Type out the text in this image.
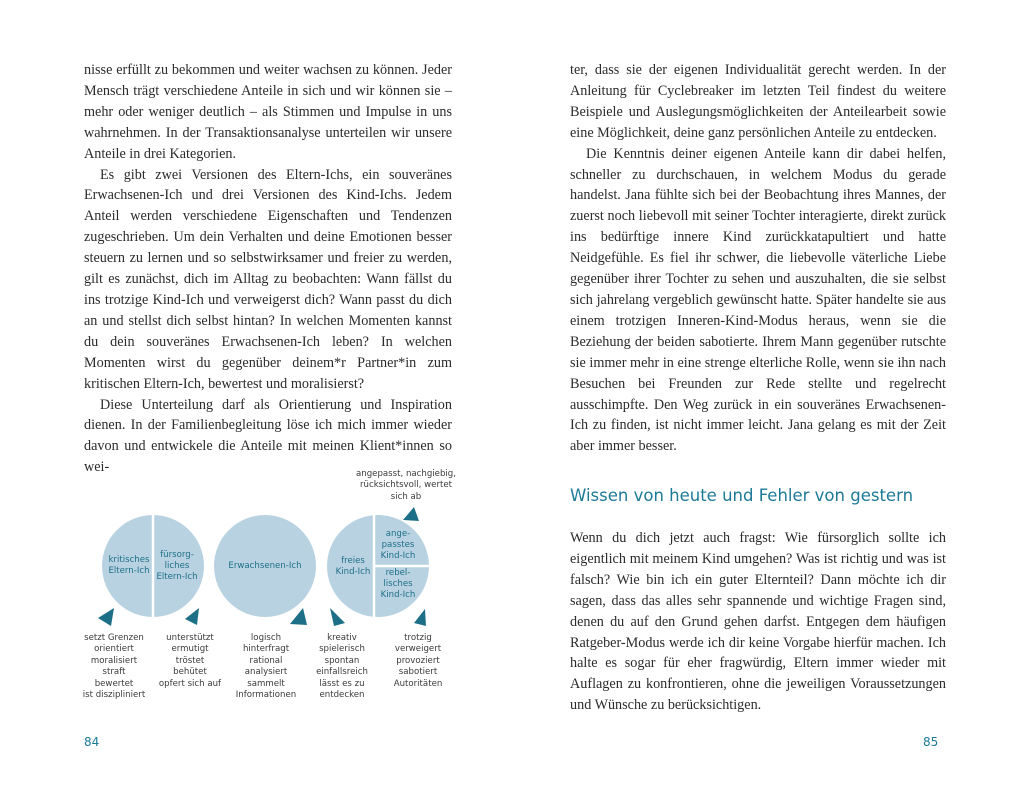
nisse erfüllt zu bekommen und weiter wachsen zu können. Jeder Mensch trägt verschiedene Anteile in sich und wir können sie – mehr oder weniger deutlich – als Stimmen und Impulse in uns wahrnehmen. In der Transaktionsanalyse unterteilen wir unsere Anteile in drei Kategorien.

Es gibt zwei Versionen des Eltern-Ichs, ein souveränes Erwachsenen-Ich und drei Versionen des Kind-Ichs. Jedem Anteil werden verschiedene Eigenschaften und Tendenzen zugeschrieben. Um dein Verhalten und deine Emotionen besser steuern zu lernen und so selbstwirksamer und freier zu werden, gilt es zunächst, dich im Alltag zu beobachten: Wann fällst du ins trotzige Kind-Ich und verweigerst dich? Wann passt du dich an und stellst dich selbst hintan? In welchen Momenten kannst du dein souveränes Erwachsenen-Ich leben? In welchen Momenten wirst du gegenüber deinem*r Partner*in zum kritischen Eltern-Ich, bewertest und moralisierst?

Diese Unterteilung darf als Orientierung und Inspiration dienen. In der Familienbegleitung löse ich mich immer wieder davon und entwickele die Anteile mit meinen Klient*innen so wei-	angepasst, nachgiebig,
rücksichtsvoll, wertet
sich ab
kritisches
Eltern-Ich
fürsorg-
liches
Eltern-Ich
Erwachsenen-Ich	freies
Kind-Ich
ange-
passtes
Kind-Ich
rebel-
lisches
Kind-Ich
setzt Grenzen
orientiert
moralisiert
straft
bewertet
ist diszipliniert
unterstützt
ermutigt
tröstet
behütet
opfert sich auf
logisch
hinterfragt
rational
analysiert
sammelt
Informationen
kreativ
spielerisch
spontan
einfallsreich
lässt es zu
entdecken
trotzig
verweigert
provoziert
sabotiert
Autoritäten
84

ter, dass sie der eigenen Individualität gerecht werden. In der Anleitung für Cyclebreaker im letzten Teil findest du weitere Beispiele und Auslegungsmöglichkeiten der Anteilearbeit sowie eine Möglichkeit, deine ganz persönlichen Anteile zu entdecken.

Die Kenntnis deiner eigenen Anteile kann dir dabei helfen, schneller zu durchschauen, in welchem Modus du gerade handelst. Jana fühlte sich bei der Beobachtung ihres Mannes, der zuerst noch liebevoll mit seiner Tochter interagierte, direkt zurück ins bedürftige innere Kind zurückkatapultiert und hatte Neidgefühle. Es fiel ihr schwer, die liebevolle väterliche Liebe gegenüber ihrer Tochter zu sehen und auszuhalten, die sie selbst sich jahrelang vergeblich gewünscht hatte. Später handelte sie aus einem trotzigen Inneren-Kind-Modus heraus, wenn sie die Beziehung der beiden sabotierte. Ihrem Mann gegenüber rutschte sie immer mehr in eine strenge elterliche Rolle, wenn sie ihn nach Besuchen bei Freunden zur Rede stellte und regelrecht ausschimpfte. Den Weg zurück in ein souveränes Erwachsenen-Ich zu finden, ist nicht immer leicht. Jana gelang es mit der Zeit aber immer besser.

Wissen von heute und Fehler von gestern

Wenn du dich jetzt auch fragst: Wie fürsorglich sollte ich eigentlich mit meinem Kind umgehen? Was ist richtig und was ist falsch? Wie bin ich ein guter Elternteil? Dann möchte ich dir sagen, dass das alles sehr spannende und wichtige Fragen sind, denen du auf den Grund gehen darfst. Entgegen dem häufigen Ratgeber-Modus werde ich dir keine Vorgabe hierfür machen. Ich halte es sogar für eher fragwürdig, Eltern immer wieder mit Auflagen zu konfrontieren, ohne die jeweiligen Voraussetzungen und Wünsche zu berücksichtigen.

85
